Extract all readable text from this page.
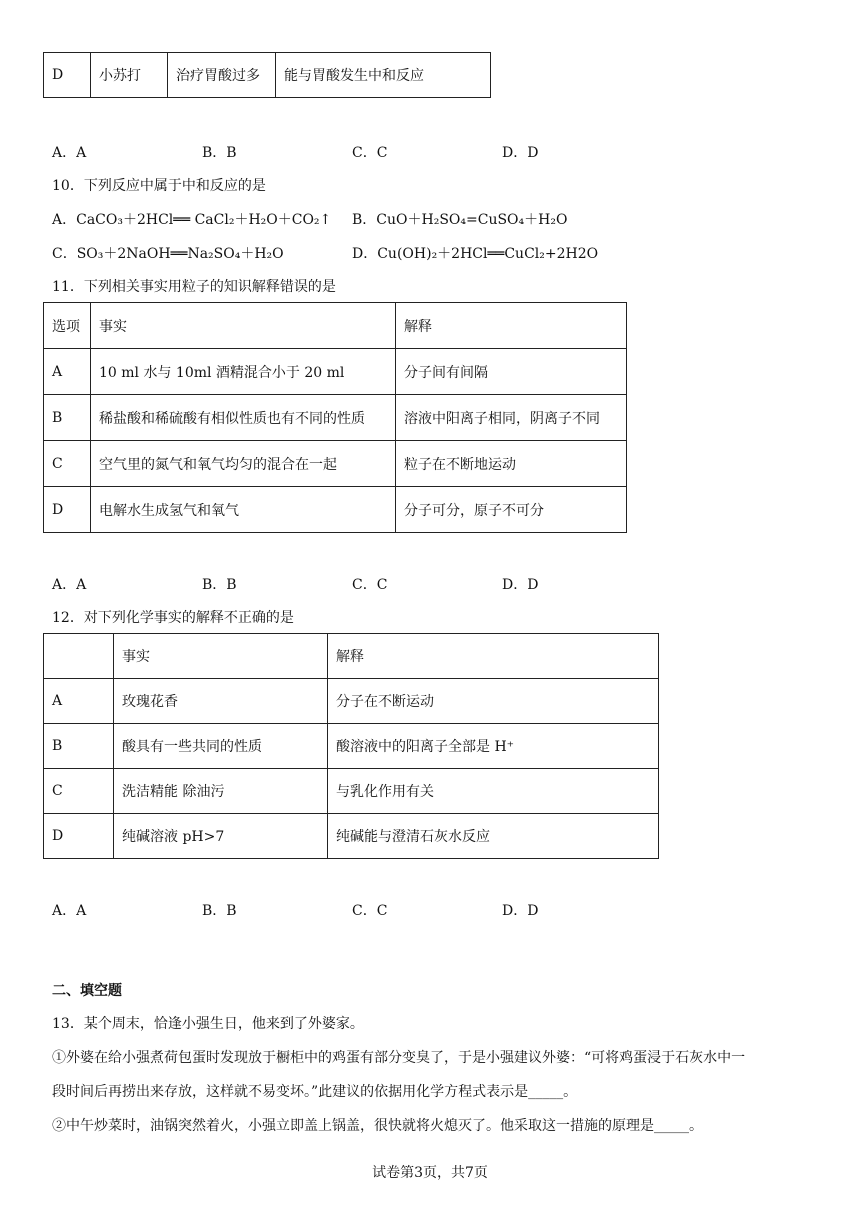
D	小苏打	治疗胃酸过多	能与胃酸发生中和反应
A．A	B．B	C．C	D．D
10．下列反应中属于中和反应的是
A．CaCO₃＋2HCl══ CaCl₂＋H₂O＋CO₂↑ B．CuO＋H₂SO₄=CuSO₄＋H₂O
C．SO₃＋2NaOH══Na₂SO₄＋H₂O	D．Cu(OH)₂＋2HCl══CuCl₂+2H2O
11．下列相关事实用粒子的知识解释错误的是
选项	事实	解释
A	10 ml 水与 10ml 酒精混合小于 20 ml	分子间有间隔
B	稀盐酸和稀硫酸有相似性质也有不同的性质	溶液中阳离子相同，阴离子不同
C	空气里的氮气和氧气均匀的混合在一起	粒子在不断地运动
D	电解水生成氢气和氧气	分子可分，原子不可分
A．A	B．B	C．C	D．D
12．对下列化学事实的解释不正确的是
	事实	解释
A	玫瑰花香	分子在不断运动
B	酸具有一些共同的性质	酸溶液中的阳离子全部是 H⁺
C	洗洁精能 除油污	与乳化作用有关
D	纯碱溶液 pH>7	纯碱能与澄清石灰水反应
A．A	B．B	C．C	D．D
二、填空题
13．某个周末，恰逢小强生日，他来到了外婆家。
①外婆在给小强煮荷包蛋时发现放于橱柜中的鸡蛋有部分变臭了，于是小强建议外婆：“可将鸡蛋浸于石灰水中一
段时间后再捞出来存放，这样就不易变坏。”此建议的依据用化学方程式表示是_____。
②中午炒菜时，油锅突然着火，小强立即盖上锅盖，很快就将火熄灭了。他采取这一措施的原理是_____。
试卷第3页，共7页
